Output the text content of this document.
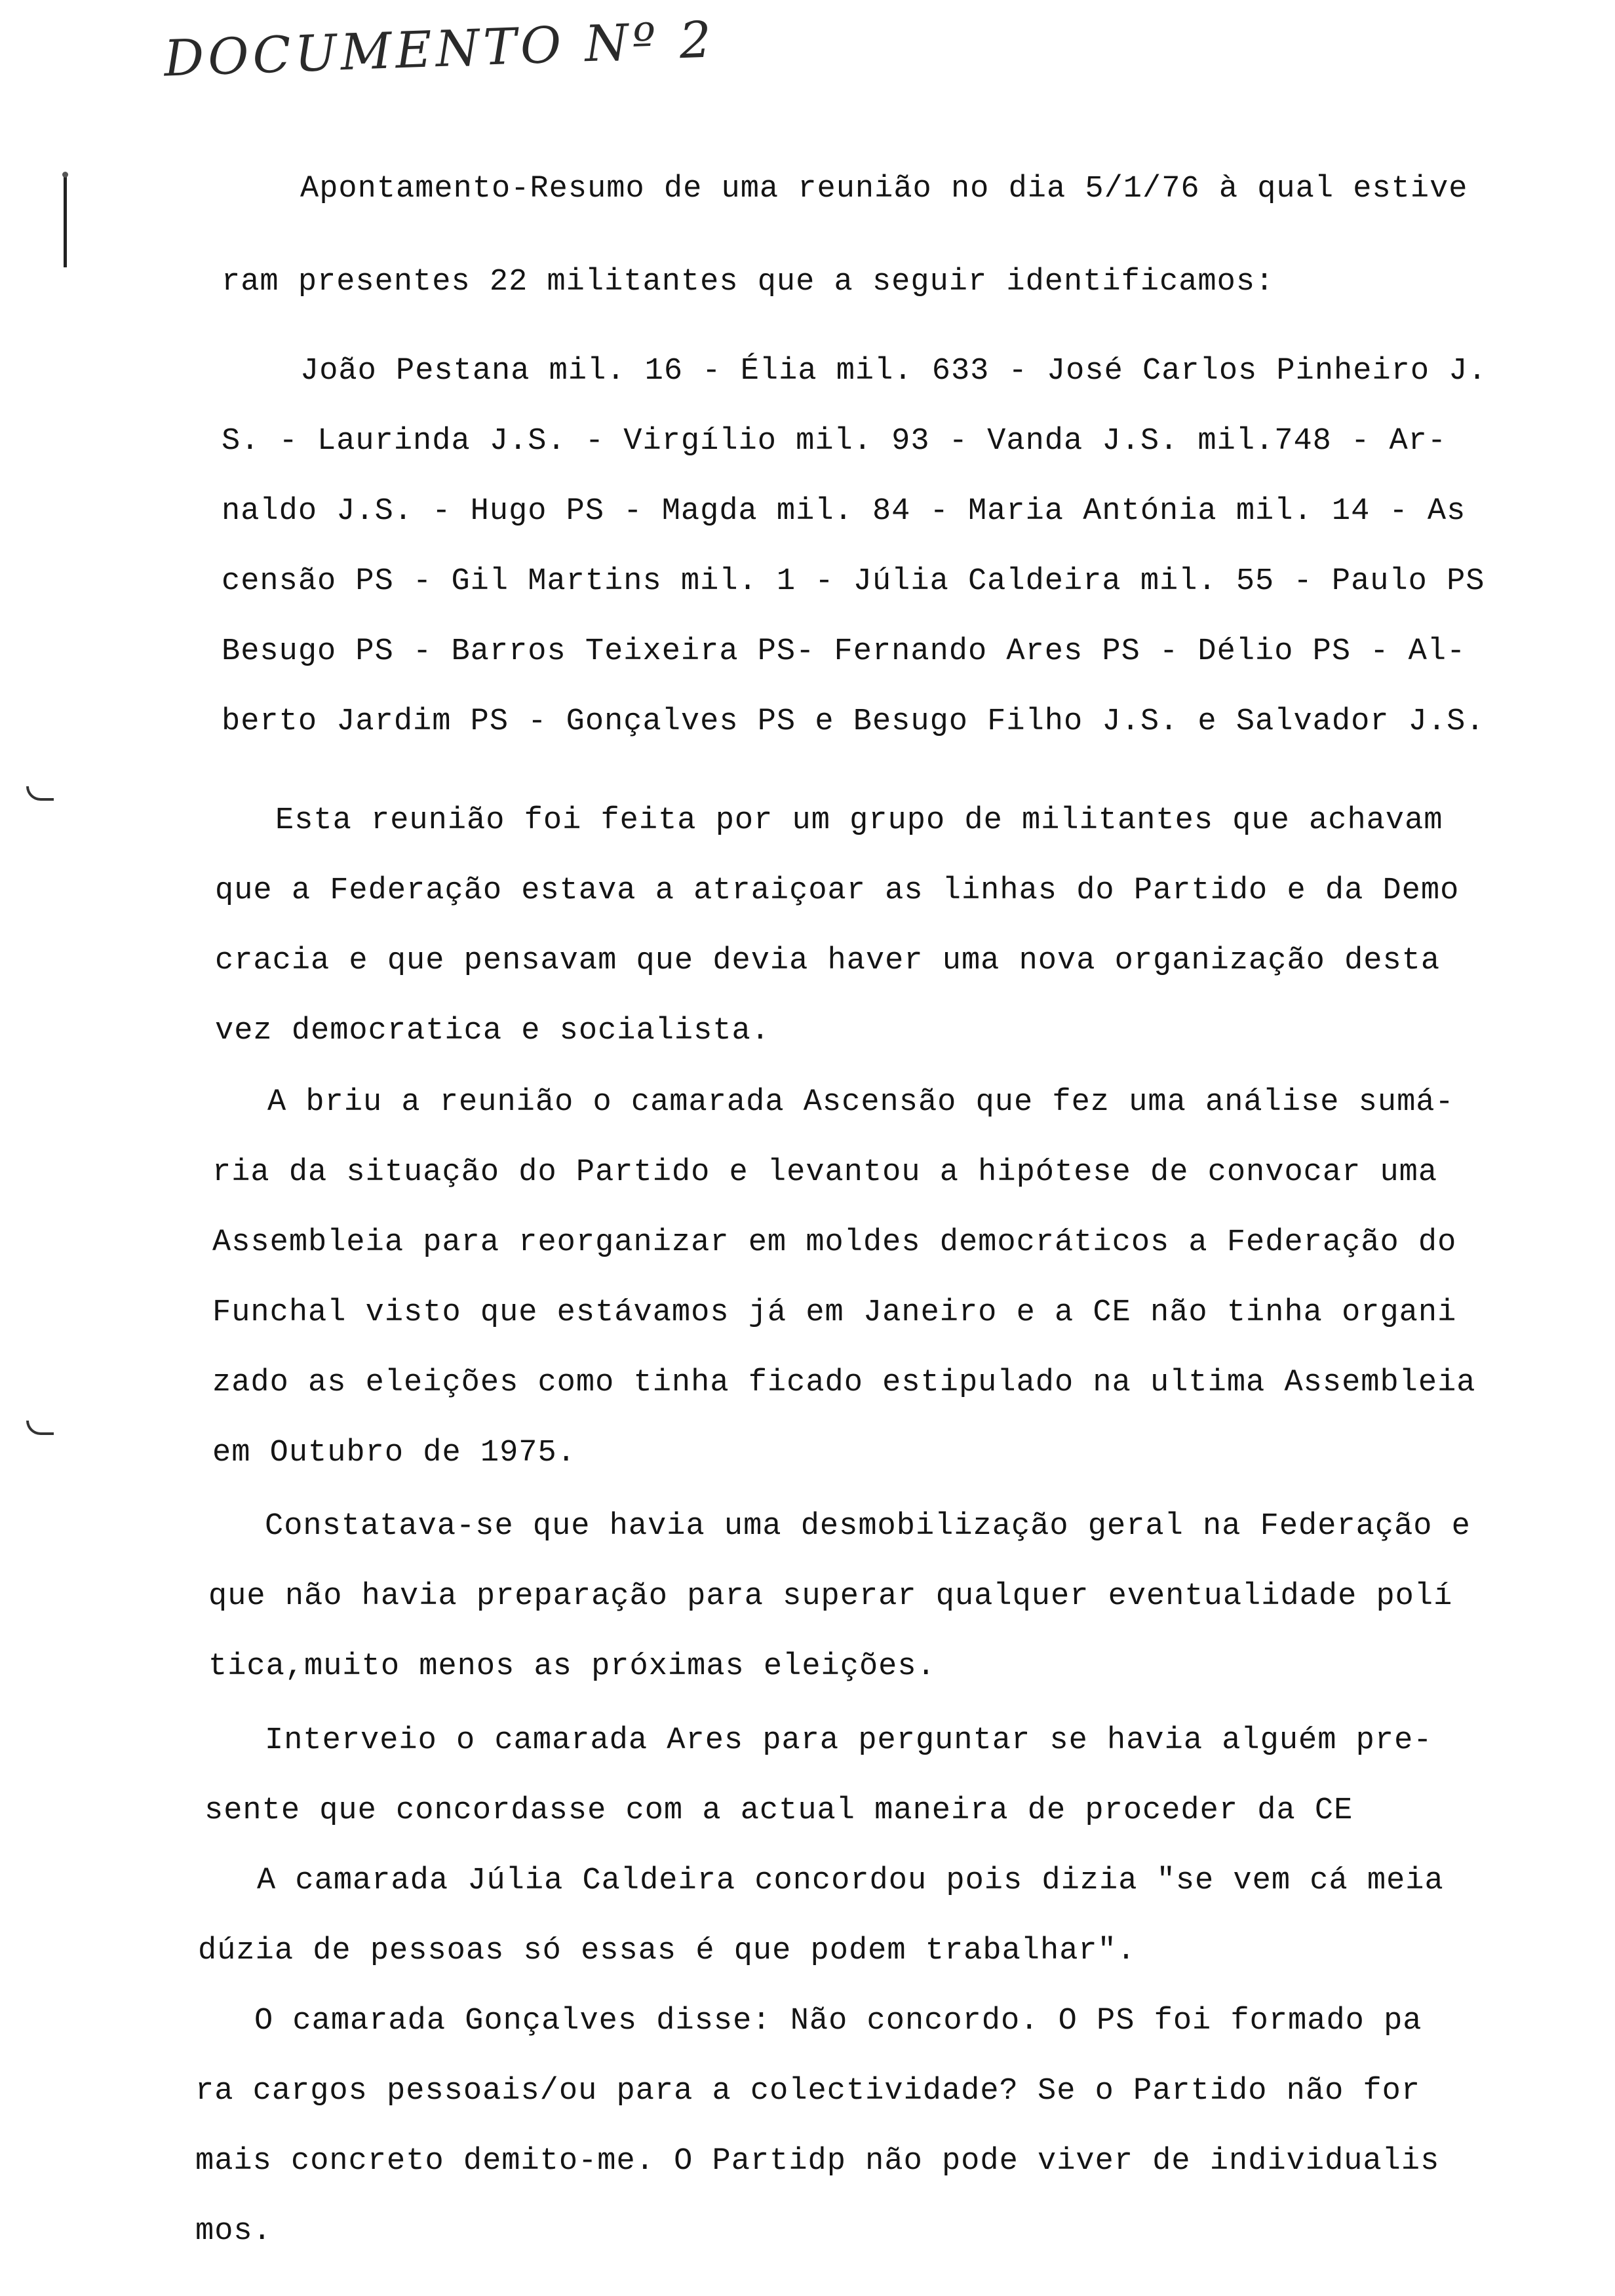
DOCUMENTO Nº 2
Apontamento-Resumo de uma reunião no dia 5/1/76 à qual estive
ram presentes 22 militantes que a seguir identificamos:
João Pestana mil. 16 - Élia mil. 633 - José Carlos Pinheiro J.
S. - Laurinda J.S. - Virgílio mil. 93 - Vanda J.S. mil.748 - Ar-
naldo J.S. - Hugo PS - Magda mil. 84 - Maria Antónia mil. 14 - As
censão PS - Gil Martins mil. 1 - Júlia Caldeira mil. 55 - Paulo PS
Besugo PS - Barros Teixeira PS- Fernando Ares PS - Délio PS - Al-
berto Jardim PS - Gonçalves PS e Besugo Filho J.S. e Salvador J.S.
Esta reunião foi feita por um grupo de militantes que achavam
que a Federação estava a atraiçoar as linhas do Partido e da Demo
cracia e que pensavam que devia haver uma nova organização desta
vez democratica e socialista.
A briu a reunião o camarada Ascensão que fez uma análise sumá-
ria da situação do Partido e levantou a hipótese de convocar uma
Assembleia para reorganizar em moldes democráticos a Federação do
Funchal visto que estávamos já em Janeiro e a CE não tinha organi
zado as eleições como tinha ficado estipulado na ultima Assembleia
em Outubro de 1975.
Constatava-se que havia uma desmobilização geral na Federação e
que não havia preparação para superar qualquer eventualidade polí
tica,muito menos as próximas eleições.
Interveio o camarada Ares para perguntar se havia alguém pre-
sente que concordasse com a actual maneira de proceder da CE
A camarada Júlia Caldeira concordou pois dizia "se vem cá meia
dúzia de pessoas só essas é que podem trabalhar".
O camarada Gonçalves disse: Não concordo. O PS foi formado pa
ra cargos pessoais/ou para a colectividade? Se o Partido não for
mais concreto demito-me. O Partidp não pode viver de individualis
mos.
